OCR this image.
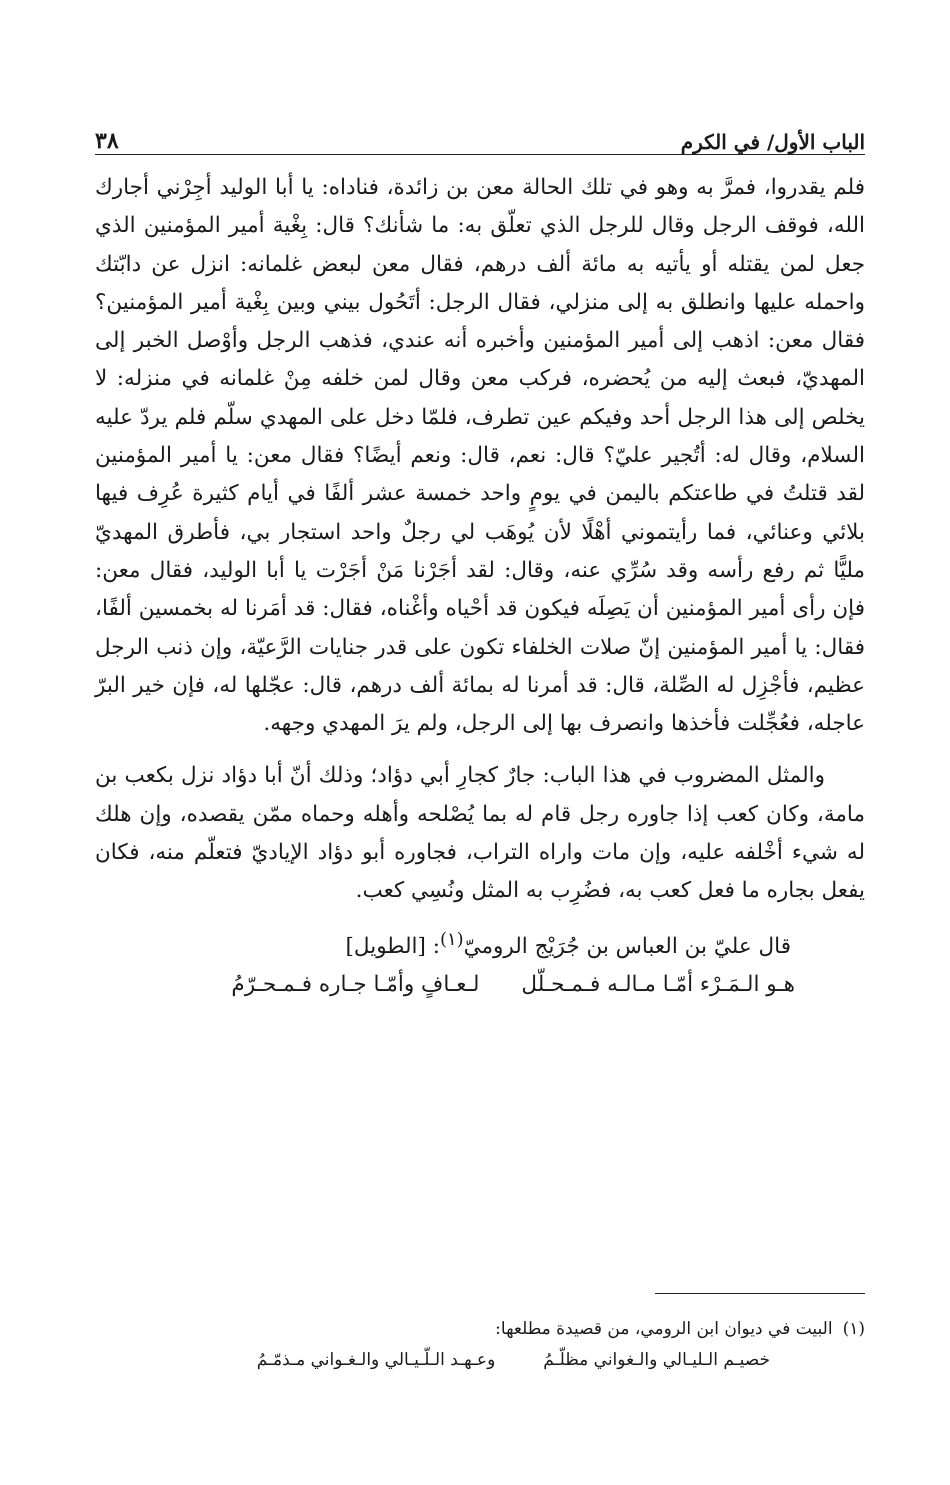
الباب الأول/ في الكرم
٣٨

فلم يقدروا، فمرَّ به وهو في تلك الحالة معن بن زائدة، فناداه: يا أبا الوليد أجِرْني أجارك الله، فوقف الرجل وقال للرجل الذي تعلّق به: ما شأنك؟ قال: بِغْية أمير المؤمنين الذي جعل لمن يقتله أو يأتيه به مائة ألف درهم، فقال معن لبعض غلمانه: انزل عن دابّتك واحمله عليها وانطلق به إلى منزلي، فقال الرجل: أتَحُول بيني وبين بِغْية أمير المؤمنين؟ فقال معن: اذهب إلى أمير المؤمنين وأخبره أنه عندي، فذهب الرجل وأوْصل الخبر إلى المهديّ، فبعث إليه من يُحضره، فركب معن وقال لمن خلفه مِنْ غلمانه في منزله: لا يخلص إلى هذا الرجل أحد وفيكم عين تطرف، فلمّا دخل على المهدي سلّم فلم يردّ عليه السلام، وقال له: أتُجير عليّ؟ قال: نعم، قال: ونعم أيضًا؟ فقال معن: يا أمير المؤمنين لقد قتلتُ في طاعتكم باليمن في يومٍ واحد خمسة عشر ألفًا في أيام كثيرة عُرِف فيها بلائي وعنائي، فما رأيتموني أهْلًا لأن يُوهَب لي رجلٌ واحد استجار بي، فأطرق المهديّ مليًّا ثم رفع رأسه وقد سُرِّي عنه، وقال: لقد أجَرْنا مَنْ أجَرْت يا أبا الوليد، فقال معن: فإن رأى أمير المؤمنين أن يَصِلَه فيكون قد أحْياه وأغْناه، فقال: قد أمَرنا له بخمسين ألفًا، فقال: يا أمير المؤمنين إنّ صلات الخلفاء تكون على قدر جنايات الرَّعيّة، وإن ذنب الرجل عظيم، فأجْزِل له الصِّلة، قال: قد أمرنا له بمائة ألف درهم، قال: عجّلها له، فإن خير البرّ عاجله، فعُجِّلت فأخذها وانصرف بها إلى الرجل، ولم يرَ المهدي وجهه.

والمثل المضروب في هذا الباب: جارٌ كجارِ أبي دؤاد؛ وذلك أنّ أبا دؤاد نزل بكعب بن مامة، وكان كعب إذا جاوره رجل قام له بما يُصْلحه وأهله وحماه ممّن يقصده، وإن هلك له شيء أخْلفه عليه، وإن مات واراه التراب، فجاوره أبو دؤاد الإياديّ فتعلّم منه، فكان يفعل بجاره ما فعل كعب به، فضُرِب به المثل ونُسِي كعب.

قال عليّ بن العباس بن جُرَيْج الروميّ$^{(١)}$: [الطويل]
هـو الـمَـرْء أمّـا مـالـه فـمـحـلّل
لـعـافٍ وأمّـا جـاره فـمـحـرّمُ

(١)البيت في ديوان ابن الرومي، من قصيدة مطلعها:

خصيـم الـليـالي والـغواني مظلّـمُ
وعـهـد الـلّـيـالي والـغـواني مـذمّـمُ
